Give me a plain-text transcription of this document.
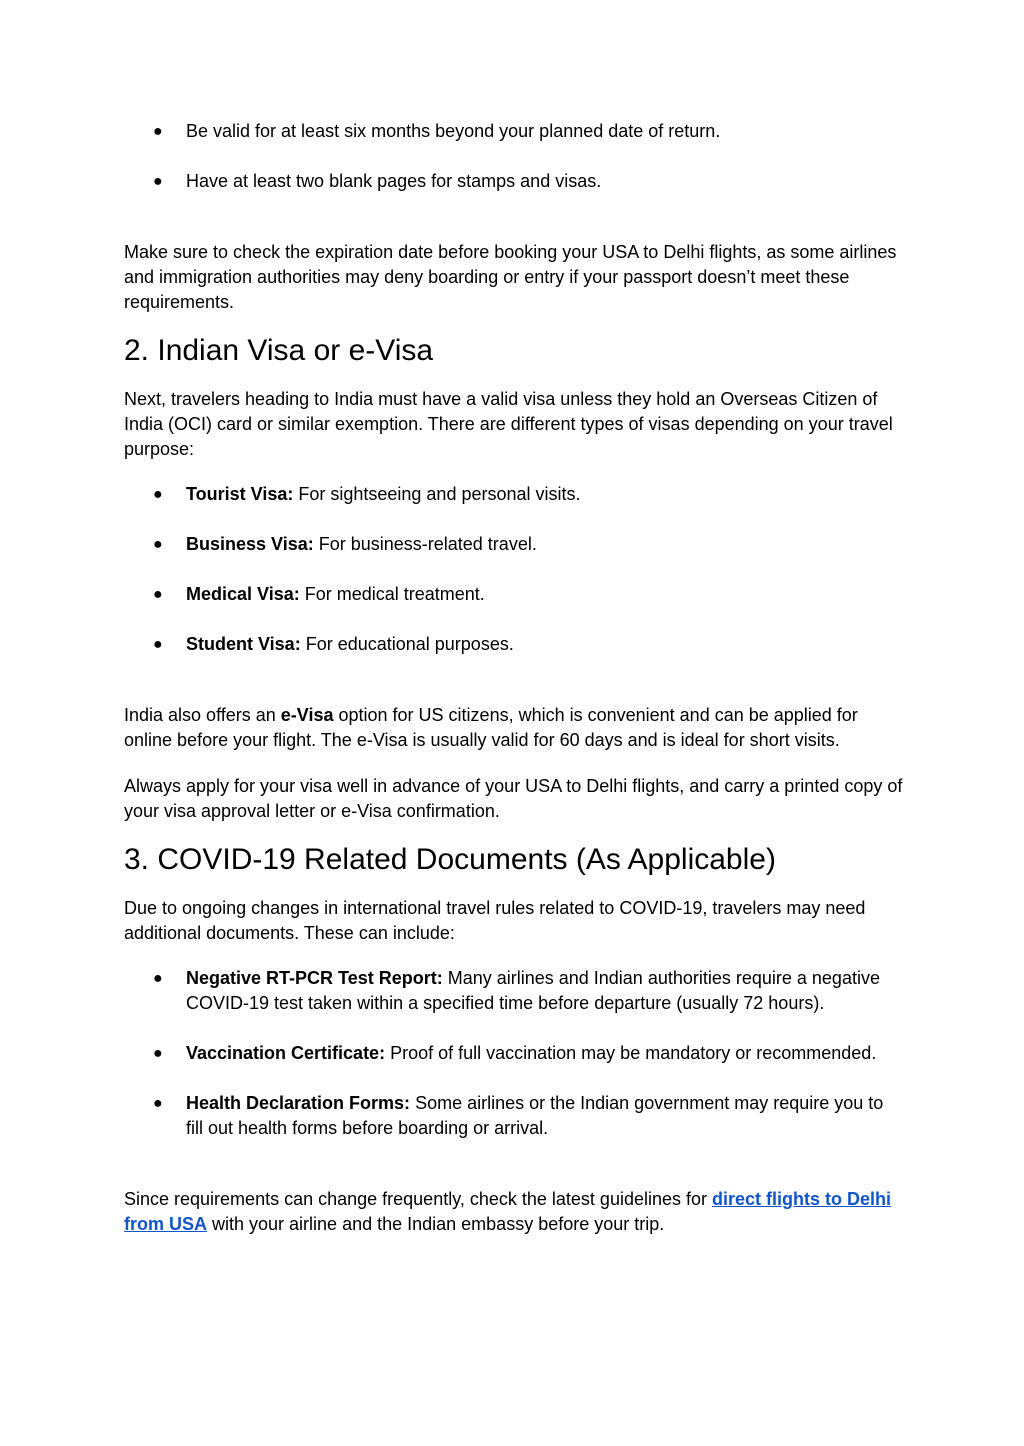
● Be valid for at least six months beyond your planned date of return.
● Have at least two blank pages for stamps and visas.

Make sure to check the expiration date before booking your USA to Delhi flights, as some airlines and immigration authorities may deny boarding or entry if your passport doesn’t meet these requirements.

2. Indian Visa or e-Visa

Next, travelers heading to India must have a valid visa unless they hold an Overseas Citizen of India (OCI) card or similar exemption. There are different types of visas depending on your travel purpose:

● Tourist Visa: For sightseeing and personal visits.
● Business Visa: For business-related travel.
● Medical Visa: For medical treatment.
● Student Visa: For educational purposes.

India also offers an e-Visa option for US citizens, which is convenient and can be applied for online before your flight. The e-Visa is usually valid for 60 days and is ideal for short visits.

Always apply for your visa well in advance of your USA to Delhi flights, and carry a printed copy of your visa approval letter or e-Visa confirmation.

3. COVID-19 Related Documents (As Applicable)

Due to ongoing changes in international travel rules related to COVID-19, travelers may need additional documents. These can include:

● Negative RT-PCR Test Report: Many airlines and Indian authorities require a negative COVID-19 test taken within a specified time before departure (usually 72 hours).
● Vaccination Certificate: Proof of full vaccination may be mandatory or recommended.
● Health Declaration Forms: Some airlines or the Indian government may require you to fill out health forms before boarding or arrival.

Since requirements can change frequently, check the latest guidelines for direct flights to Delhi from USA with your airline and the Indian embassy before your trip.
